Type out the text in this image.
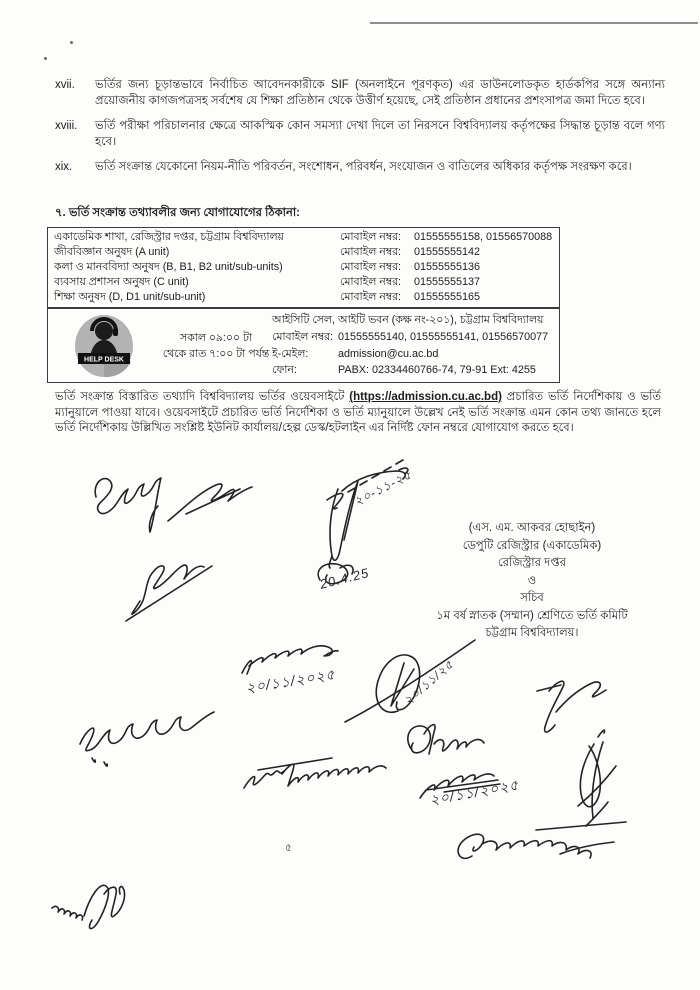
xvii.	ভর্তির জন্য চূড়ান্তভাবে নির্বাচিত আবেদনকারীকে SIF (অনলাইনে পূরণকৃত) এর ডাউনলোডকৃত হার্ডকপির সঙ্গে অন্যান্য প্রয়োজনীয় কাগজপত্রসহ সর্বশেষ যে শিক্ষা প্রতিষ্ঠান থেকে উত্তীর্ণ হয়েছে, সেই প্রতিষ্ঠান প্রধানের প্রশংসাপত্র জমা দিতে হবে।
xviii.	ভর্তি পরীক্ষা পরিচালনার ক্ষেত্রে আকস্মিক কোন সমস্যা দেখা দিলে তা নিরসনে বিশ্ববিদ্যালয় কর্তৃপক্ষের সিদ্ধান্ত চূড়ান্ত বলে গণ্য হবে।
xix.	ভর্তি সংক্রান্ত যেকোনো নিয়ম-নীতি পরিবর্তন, সংশোধন, পরিবর্ধন, সংযোজন ও বাতিলের অধিকার কর্তৃপক্ষ সংরক্ষণ করে।
৭. ভর্তি সংক্রান্ত তথ্যাবলীর জন্য যোগাযোগের ঠিকানা:
একাডেমিক শাখা, রেজিস্ট্রার দপ্তর, চট্টগ্রাম বিশ্ববিদ্যালয়	মোবাইল নম্বর:	01555555158, 01556570088
জীববিজ্ঞান অনুষদ (A unit)	মোবাইল নম্বর:	01555555142
কলা ও মানববিদ্যা অনুষদ (B, B1, B2 unit/sub-units)	মোবাইল নম্বর:	01555555136
ব্যবসায় প্রশাসন অনুষদ (C unit)	মোবাইল নম্বর:	01555555137
শিক্ষা অনুষদ (D, D1 unit/sub-unit)	মোবাইল নম্বর:	01555555165
HELP DESK
সকাল ০৯:০০ টা
থেকে রাত ৭:০০ টা পর্যন্ত
আইসিটি সেল, আইটি ভবন (কক্ষ নং-২০১), চট্টগ্রাম বিশ্ববিদ্যালয়
মোবাইল নম্বর: 01555555140, 01555555141, 01556570077
ই-মেইল:	admission@cu.ac.bd
ফোন:	PABX: 02334460766-74, 79-91 Ext: 4255
ভর্তি সংক্রান্ত বিস্তারিত তথ্যাদি বিশ্ববিদ্যালয় ভর্তির ওয়েবসাইটে (https://admission.cu.ac.bd) প্রচারিত ভর্তি নির্দেশিকায় ও ভর্তি ম্যানুয়ালে পাওয়া যাবে। ওয়েবসাইটে প্রচারিত ভর্তি নির্দেশিকা ও ভর্তি ম্যানুয়ালে উল্লেখ নেই ভর্তি সংক্রান্ত এমন কোন তথ্য জানতে হলে ভর্তি নির্দেশিকায় উল্লিখিত সংশ্লিষ্ট ইউনিট কার্যালয়/হেল্প ডেস্ক/হটলাইন এর নির্দিষ্ট ফোন নম্বরে যোগাযোগ করতে হবে।
(এস. এম. আকবর হোছাইন)
ডেপুটি রেজিস্ট্রার (একাডেমিক)
রেজিস্ট্রার দপ্তর
ও
সচিব
১ম বর্ষ স্নাতক (সম্মান) শ্রেণিতে ভর্তি কমিটি
চট্টগ্রাম বিশ্ববিদ্যালয়।
২০-১১-২৫
20.4.25
২০/১১/২০২৫	২০/১১/২৫
২০/১১/২০২৫
৫
